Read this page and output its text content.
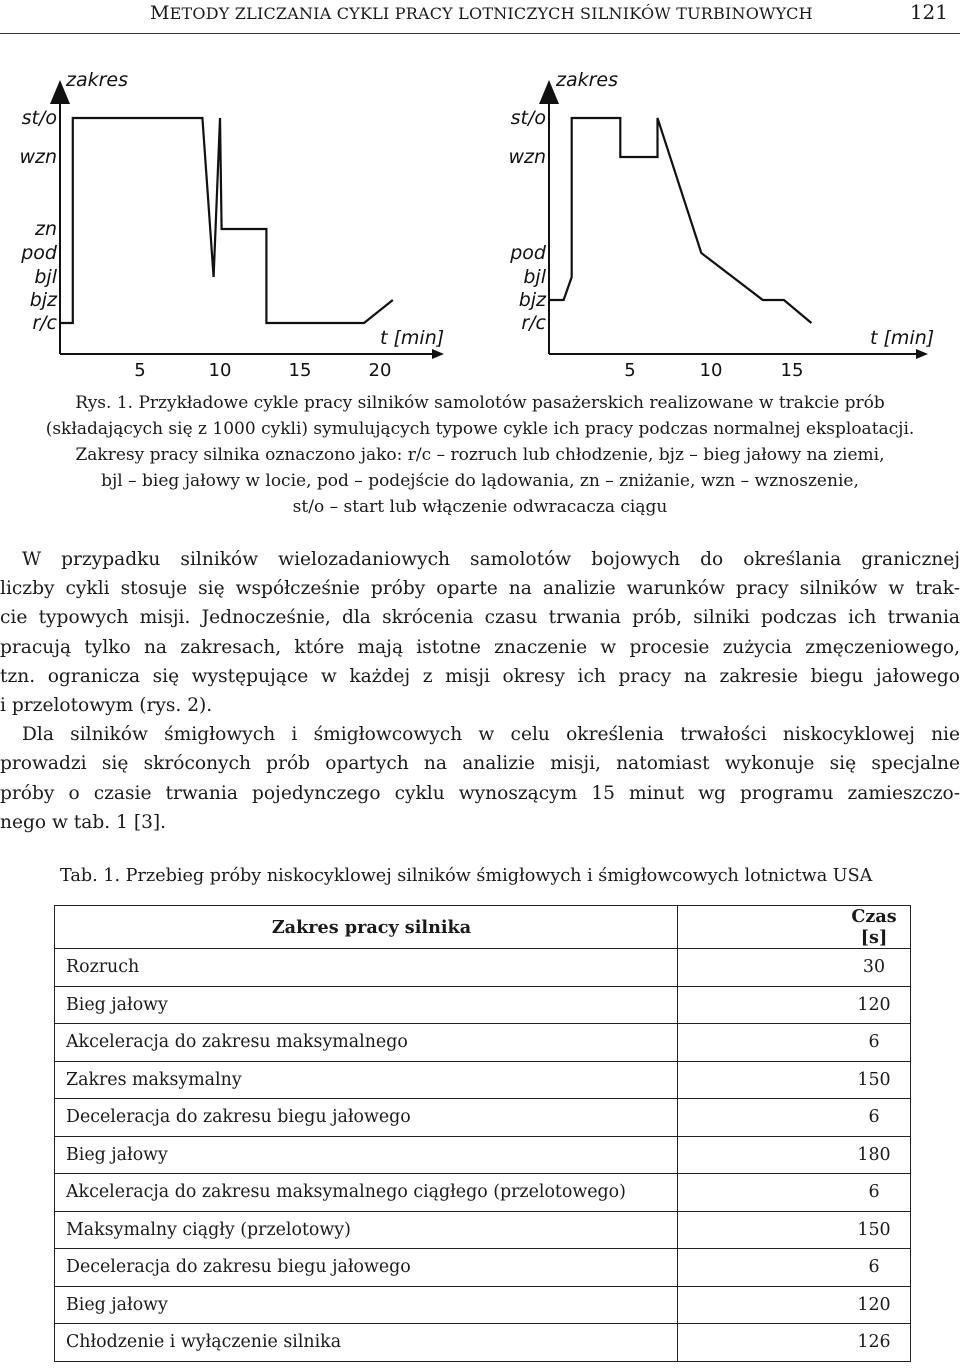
METODY ZLICZANIA CYKLI PRACY LOTNICZYCH SILNIKÓW TURBINOWYCH	121
zakres
t [min]
st/o
wzn
zn
pod
bjl
bjz
r/c
5	10	15	20
zakres
t [min]
st/o
wzn
pod
bjl
bjz
r/c
5	10	15

Rys. 1. Przykładowe cykle pracy silników samolotów pasażerskich realizowane w trakcie prób

(składających się z 1000 cykli) symulujących typowe cykle ich pracy podczas normalnej eksploatacji.

Zakresy pracy silnika oznaczono jako: r/c – rozruch lub chłodzenie, bjz – bieg jałowy na ziemi,

bjl – bieg jałowy w locie, pod – podejście do lądowania, zn – zniżanie, wzn – wznoszenie,

st/o – start lub włączenie odwracacza ciągu

W przypadku silników wielozadaniowych samolotów bojowych do określania granicznej
liczby cykli stosuje się współcześnie próby oparte na analizie warunków pracy silników w trak-
cie typowych misji. Jednocześnie, dla skrócenia czasu trwania prób, silniki podczas ich trwania
pracują tylko na zakresach, które mają istotne znaczenie w procesie zużycia zmęczeniowego,
tzn. ogranicza się występujące w każdej z misji okresy ich pracy na zakresie biegu jałowego
i przelotowym (rys. 2).
Dla silników śmigłowych i śmigłowcowych w celu określenia trwałości niskocyklowej nie
prowadzi się skróconych prób opartych na analizie misji, natomiast wykonuje się specjalne
próby o czasie trwania pojedynczego cyklu wynoszącym 15 minut wg programu zamieszczo-
nego w tab. 1 [3].
Tab. 1. Przebieg próby niskocyklowej silników śmigłowych i śmigłowcowych lotnictwa USA
Zakres pracy silnika	Czas [s]
Rozruch	30
Bieg jałowy	120
Akceleracja do zakresu maksymalnego	6
Zakres maksymalny	150
Deceleracja do zakresu biegu jałowego	6
Bieg jałowy	180
Akceleracja do zakresu maksymalnego ciągłego (przelotowego)	6
Maksymalny ciągły (przelotowy)	150
Deceleracja do zakresu biegu jałowego	6
Bieg jałowy	120
Chłodzenie i wyłączenie silnika	126
